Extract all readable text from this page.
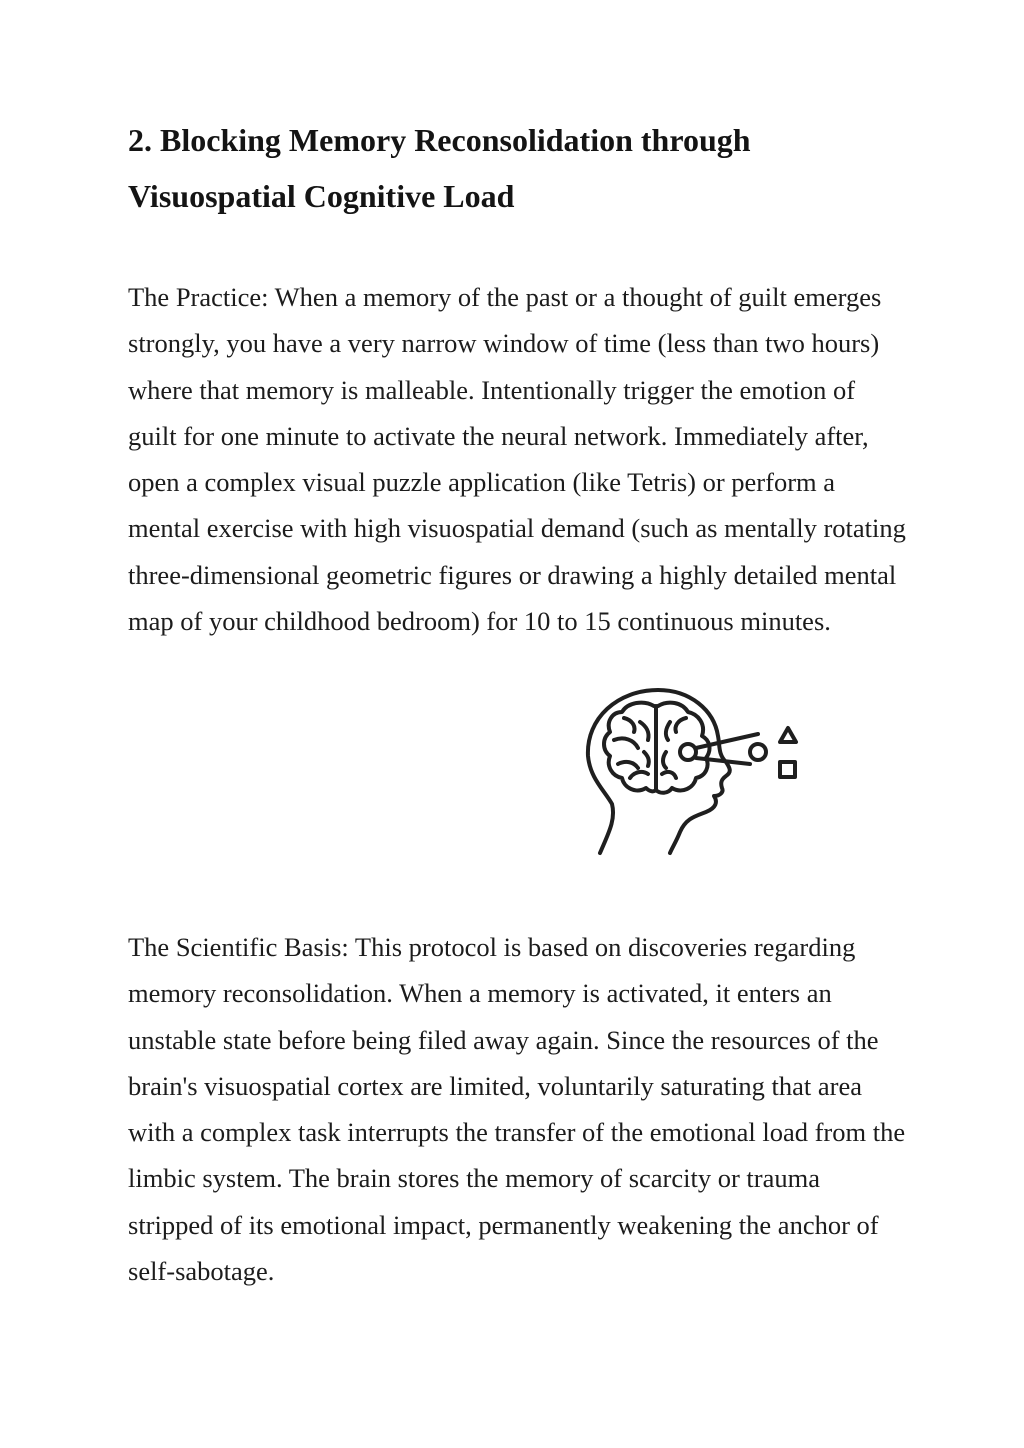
2. Blocking Memory Reconsolidation through Visuospatial Cognitive Load

The Practice: When a memory of the past or a thought of guilt emerges strongly, you have a very narrow window of time (less than two hours) where that memory is malleable. Intentionally trigger the emotion of guilt for one minute to activate the neural network. Immediately after, open a complex visual puzzle application (like Tetris) or perform a mental exercise with high visuospatial demand (such as mentally rotating three-dimensional geometric figures or drawing a highly detailed mental map of your childhood bedroom) for 10 to 15 continuous minutes.

The Scientific Basis: This protocol is based on discoveries regarding memory reconsolidation. When a memory is activated, it enters an unstable state before being filed away again. Since the resources of the brain's visuospatial cortex are limited, voluntarily saturating that area with a complex task interrupts the transfer of the emotional load from the limbic system. The brain stores the memory of scarcity or trauma stripped of its emotional impact, permanently weakening the anchor of self-sabotage.
